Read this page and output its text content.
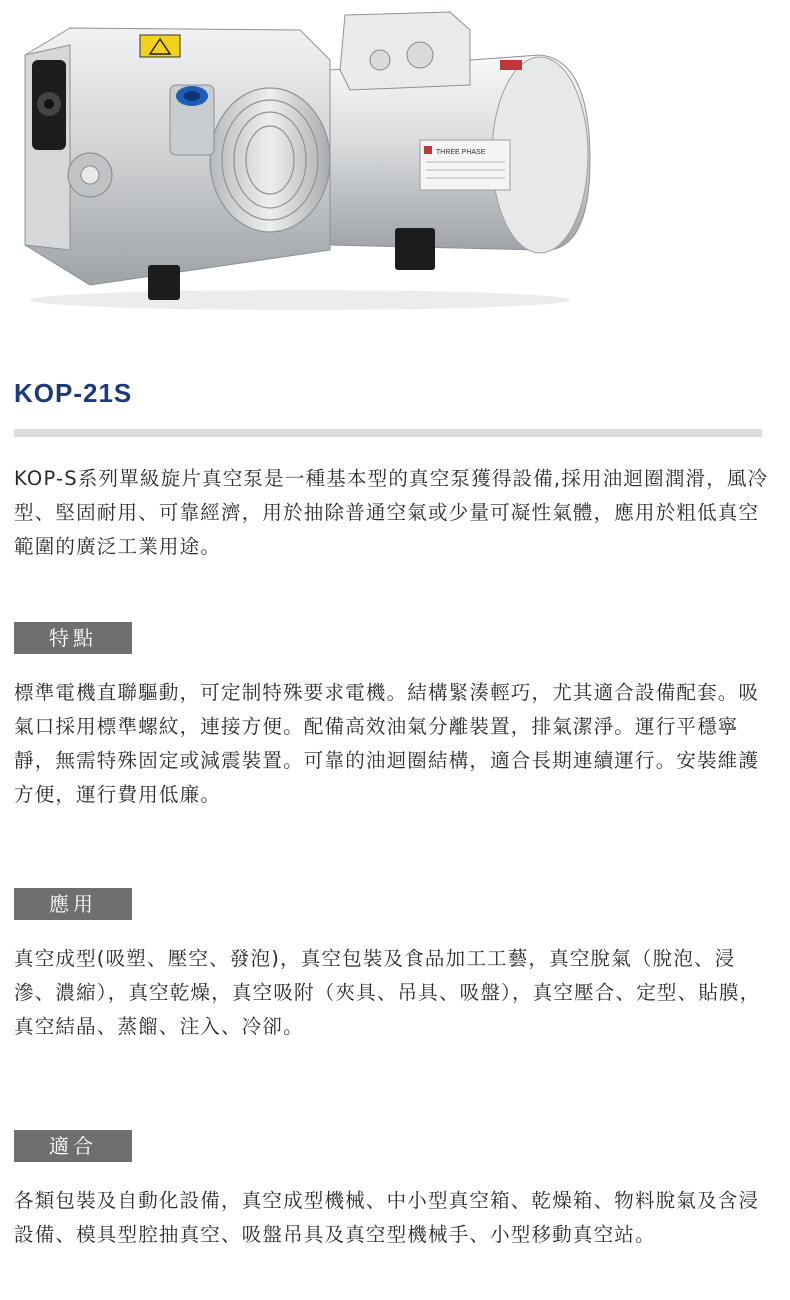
THREE PHASE
KOP-21S

KOP-S系列單級旋片真空泵是一種基本型的真空泵獲得設備,採用油迴圈潤滑，風冷型、堅固耐用、可靠經濟，用於抽除普通空氣或少量可凝性氣體，應用於粗低真空範圍的廣泛工業用途。

特點

標準電機直聯驅動，可定制特殊要求電機。結構緊湊輕巧，尤其適合設備配套。吸氣口採用標準螺紋，連接方便。配備高效油氣分離裝置，排氣潔淨。運行平穩寧靜，無需特殊固定或減震裝置。可靠的油迴圈結構，適合長期連續運行。安裝維護方便，運行費用低廉。

應用

真空成型(吸塑、壓空、發泡)，真空包裝及食品加工工藝，真空脫氣（脫泡、浸滲、濃縮），真空乾燥，真空吸附（夾具、吊具、吸盤），真空壓合、定型、貼膜，真空結晶、蒸餾、注入、冷卻。

適合

各類包裝及自動化設備，真空成型機械、中小型真空箱、乾燥箱、物料脫氣及含浸設備、模具型腔抽真空、吸盤吊具及真空型機械手、小型移動真空站。
